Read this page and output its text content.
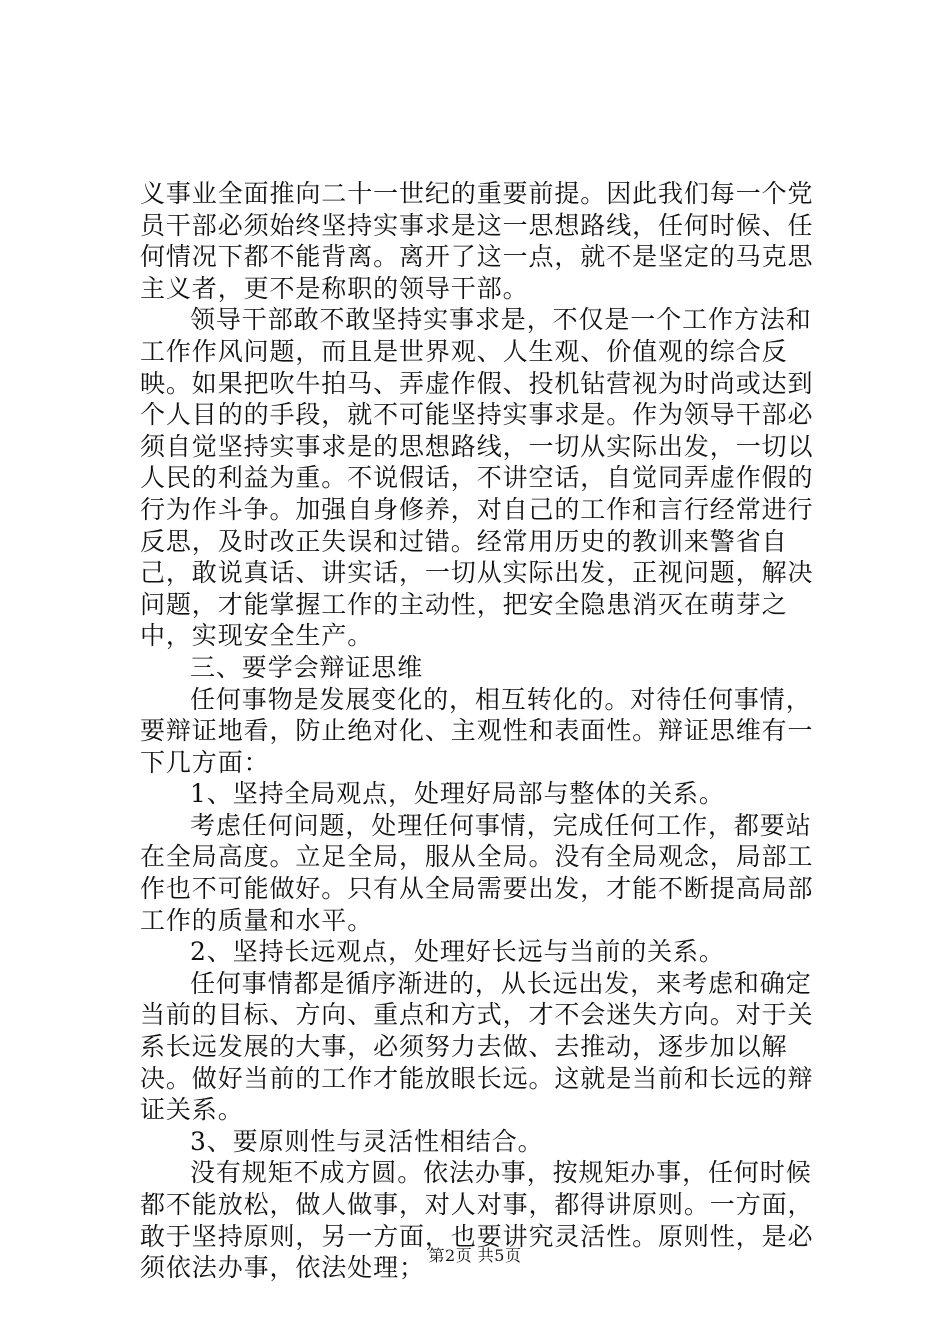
义事业全面推向二十一世纪的重要前提。因此我们每一个党员干部必须始终坚持实事求是这一思想路线，任何时候、任何情况下都不能背离。离开了这一点，就不是坚定的马克思主义者，更不是称职的领导干部。

领导干部敢不敢坚持实事求是，不仅是一个工作方法和工作作风问题，而且是世界观、人生观、价值观的综合反映。如果把吹牛拍马、弄虚作假、投机钻营视为时尚或达到个人目的的手段，就不可能坚持实事求是。作为领导干部必须自觉坚持实事求是的思想路线，一切从实际出发，一切以人民的利益为重。不说假话，不讲空话，自觉同弄虚作假的行为作斗争。加强自身修养，对自己的工作和言行经常进行反思，及时改正失误和过错。经常用历史的教训来警省自己，敢说真话、讲实话，一切从实际出发，正视问题，解决问题，才能掌握工作的主动性，把安全隐患消灭在萌芽之中，实现安全生产。

三、要学会辩证思维

任何事物是发展变化的，相互转化的。对待任何事情，要辩证地看，防止绝对化、主观性和表面性。辩证思维有一下几方面：

1、坚持全局观点，处理好局部与整体的关系。

考虑任何问题，处理任何事情，完成任何工作，都要站在全局高度。立足全局，服从全局。没有全局观念，局部工作也不可能做好。只有从全局需要出发，才能不断提高局部工作的质量和水平。

2、坚持长远观点，处理好长远与当前的关系。

任何事情都是循序渐进的，从长远出发，来考虑和确定当前的目标、方向、重点和方式，才不会迷失方向。对于关系长远发展的大事，必须努力去做、去推动，逐步加以解决。做好当前的工作才能放眼长远。这就是当前和长远的辩证关系。

3、要原则性与灵活性相结合。

没有规矩不成方圆。依法办事，按规矩办事，任何时候都不能放松，做人做事，对人对事，都得讲原则。一方面，敢于坚持原则，另一方面，也要讲究灵活性。原则性，是必须依法办事，依法处理； 第2页 共5页
